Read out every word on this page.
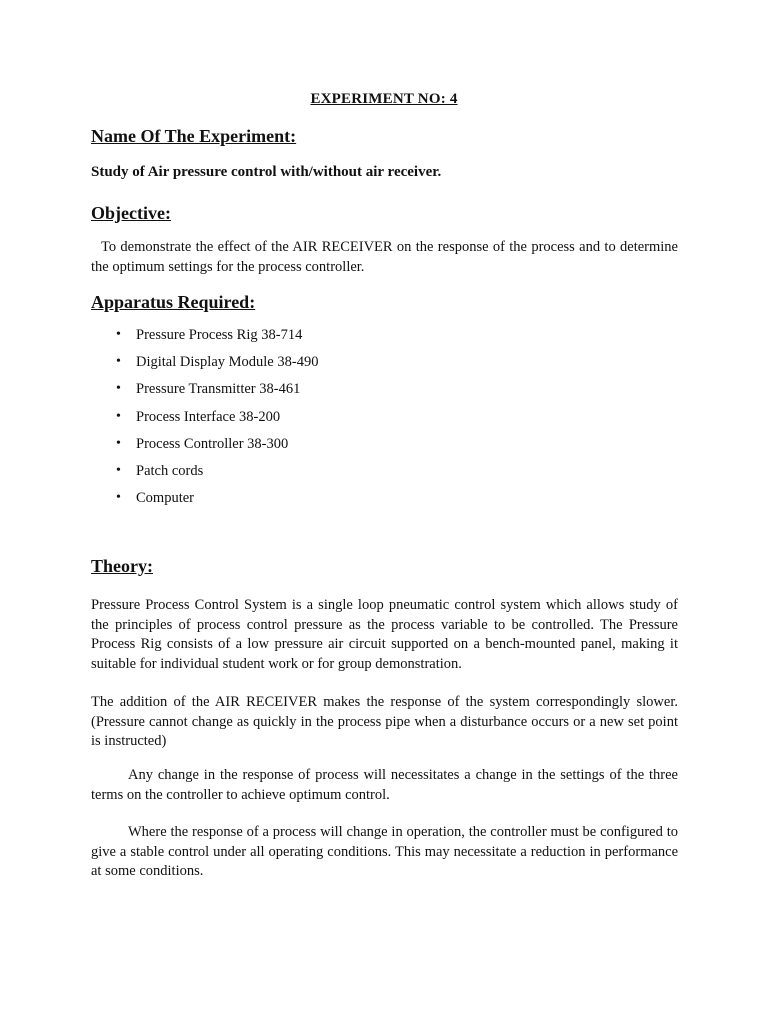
EXPERIMENT NO: 4
Name Of The Experiment:
Study of Air pressure control with/without air receiver.
Objective:
To demonstrate the effect of the AIR RECEIVER on the response of the process and to determine the optimum settings for the process controller.
Apparatus Required:
• Pressure Process Rig 38-714
• Digital Display Module 38-490
• Pressure Transmitter 38-461
• Process Interface 38-200
• Process Controller 38-300
• Patch cords
• Computer
Theory:
Pressure Process Control System is a single loop pneumatic control system which allows study of the principles of process control pressure as the process variable to be controlled. The Pressure Process Rig consists of a low pressure air circuit supported on a bench-mounted panel, making it suitable for individual student work or for group demonstration.
The addition of the AIR RECEIVER makes the response of the system correspondingly slower. (Pressure cannot change as quickly in the process pipe when a disturbance occurs or a new set point is instructed)
Any change in the response of process will necessitates a change in the settings of the three terms on the controller to achieve optimum control.
Where the response of a process will change in operation, the controller must be configured to give a stable control under all operating conditions. This may necessitate a reduction in performance at some conditions.
